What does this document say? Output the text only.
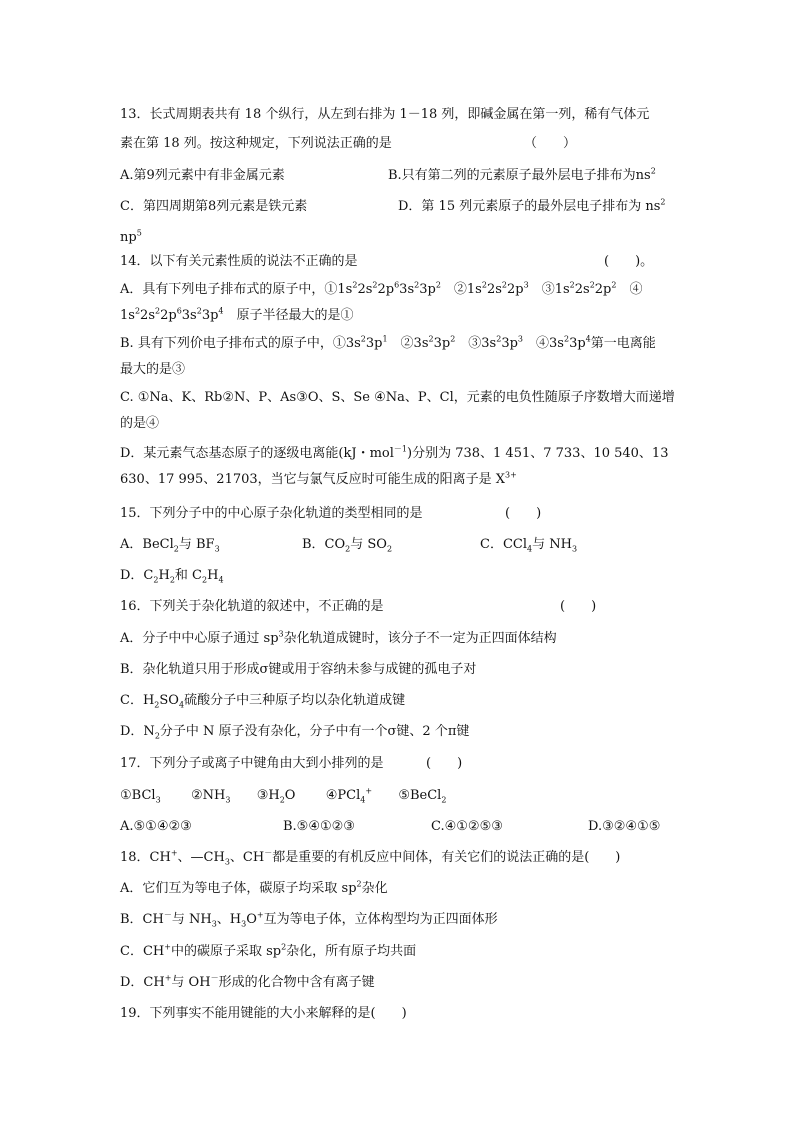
13．长式周期表共有 18 个纵行，从左到右排为 1－18 列，即碱金属在第一列，稀有气体元
素在第 18 列。按这种规定，下列说法正确的是	（　　）
A.第9列元素中有非金属元素	B.只有第二列的元素原子最外层电子排布为$ns^2$
C．第四周期第8列元素是铁元素	D．第 15 列元素原子的最外层电子排布为 $ns^2$
$np^5$
14．以下有关元素性质的说法不正确的是	(　　)。
A．具有下列电子排布式的原子中，$①1s^22s^22p^63s^23p^2$　$②1s^22s^22p^3$　$③1s^22s^22p^2$　④
$1s^22s^22p^63s^23p^4$　原子半径最大的是①
B. 具有下列价电子排布式的原子中，$①3s^23p^1$　$②3s^23p^2$　$③3s^23p^3$　$④3s^23p^4$第一电离能
最大的是③
C. ①Na、K、Rb②N、P、As③O、S、Se ④Na、P、Cl，元素的电负性随原子序数增大而递增
的是④
D．某元素气态基态原子的逐级电离能(kJ・mol$^{-1}$)分别为 738、1 451、7 733、10 540、13
630、17 995、21703，当它与氯气反应时可能生成的阳离子是 $X^{3+}$
15．下列分子中的中心原子杂化轨道的类型相同的是	(　　)
A．BeCl$_2$与 $BF_3$	B．$CO_2$与 $SO_2$	C．CCl$_4$与 $NH_3$
D．$C_2H_2$和 $C_2H_4$
16．下列关于杂化轨道的叙述中，不正确的是	(　　)
A．分子中中心原子通过 $sp^3$杂化轨道成键时，该分子不一定为正四面体结构
B．杂化轨道只用于形成σ键或用于容纳未参与成键的孤电子对
C．$H_2SO_4$硫酸分子中三种原子均以杂化轨道成键
D．$N_2$分子中 N 原子没有杂化，分子中有一个σ键、2 个π键
17．下列分子或离子中键角由大到小排列的是	(　　)
①BCl$_3$ $②NH_3$ $③H_2O$ ④PCl$_4$+ ⑤BeCl$_2$
A.⑤①④②③	B.⑤④①②③	C.④①②⑤③	D.③②④①⑤
18．CH+、$—CH_3$、CH－都是重要的有机反应中间体，有关它们的说法正确的是(　　)
A．它们互为等电子体，碳原子均采取 $sp^2$杂化
B．CH－与 $NH_3$、$H_3O^+$互为等电子体，立体构型均为正四面体形
C．CH+中的碳原子采取 $sp^2$杂化，所有原子均共面
D．CH+与 OH－形成的化合物中含有离子键
19．下列事实不能用键能的大小来解释的是(　　)
